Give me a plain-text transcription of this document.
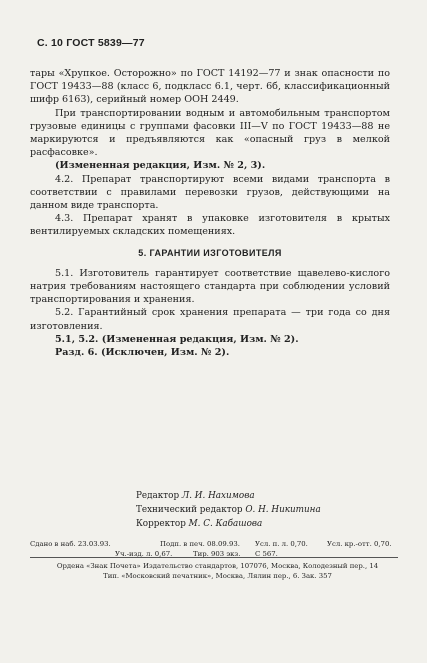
С. 10 ГОСТ 5839—77

тары «Хрупкое. Осторожно» по ГОСТ 14192—77 и знак опасности по ГОСТ 19433—88 (класс 6, подкласс 6.1, черт. 6б, классификационный шифр 6163), серийный номер ООН 2449.

При транспортировании водным и автомобильным транспортом грузовые единицы с группами фасовки III—V по ГОСТ 19433—88 не маркируются и предъявляются как «опасный груз в мелкой расфасовке».

(Измененная редакция, Изм. № 2, 3).

4.2. Препарат транспортируют всеми видами транспорта в соответствии с правилами перевозки грузов, действующими на данном виде транспорта.

4.3. Препарат хранят в упаковке изготовителя в крытых вентилируемых складских помещениях.

5. ГАРАНТИИ ИЗГОТОВИТЕЛЯ

5.1. Изготовитель гарантирует соответствие щавелево-кислого натрия требованиям настоящего стандарта при соблюдении условий транспортирования и хранения.

5.2. Гарантийный срок хранения препарата — три года со дня изготовления.

5.1, 5.2. (Измененная редакция, Изм. № 2).

Разд. 6. (Исключен, Изм. № 2).

Редактор Л. И. Нахимова
Технический редактор О. Н. Никитина
Корректор М. С. Кабашова
Сдано в наб. 23.03.93.	Подп. в печ. 08.09.93. Усл. п. л. 0,70.	Усл. кр.-отт. 0,70.
Уч.-изд. л. 0,67.	Тир. 903 экз. С 567.
Ордена «Знак Почета» Издательство стандартов, 107076, Москва, Колодезный пер., 14
Тип. «Московский печатник», Москва, Лялин пер., 6. Зак. 357
